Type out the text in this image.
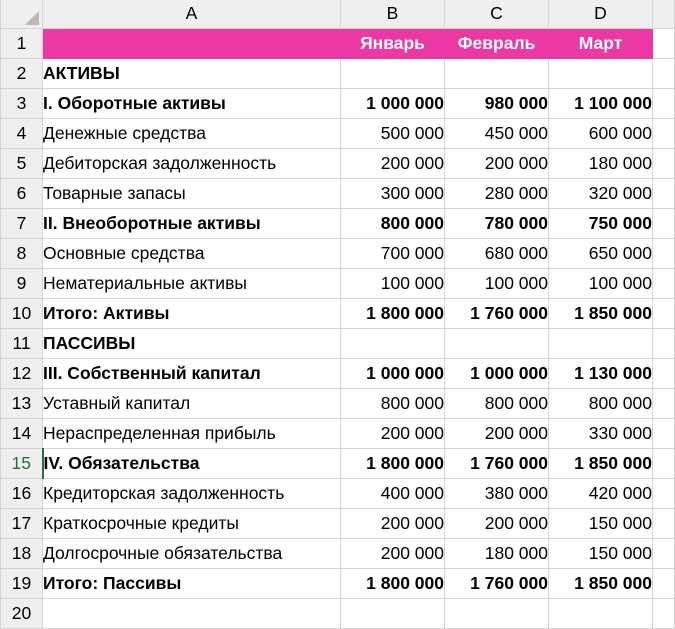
	A	B	C	D	
1		Январь	Февраль	Март	
2	АКТИВЫ				
3	I. Оборотные активы	1 000 000	980 000	1 100 000	
4	Денежные средства	500 000	450 000	600 000	
5	Дебиторская задолженность	200 000	200 000	180 000	
6	Товарные запасы	300 000	280 000	320 000	
7	II. Внеоборотные активы	800 000	780 000	750 000	
8	Основные средства	700 000	680 000	650 000	
9	Нематериальные активы	100 000	100 000	100 000	
10	Итого: Активы	1 800 000	1 760 000	1 850 000	
11	ПАССИВЫ				
12	III. Собственный капитал	1 000 000	1 000 000	1 130 000	
13	Уставный капитал	800 000	800 000	800 000	
14	Нераспределенная прибыль	200 000	200 000	330 000	
15	IV. Обязательства	1 800 000	1 760 000	1 850 000	
16	Кредиторская задолженность	400 000	380 000	420 000	
17	Краткосрочные кредиты	200 000	200 000	150 000	
18	Долгосрочные обязательства	200 000	180 000	150 000	
19	Итого: Пассивы	1 800 000	1 760 000	1 850 000	
20					
